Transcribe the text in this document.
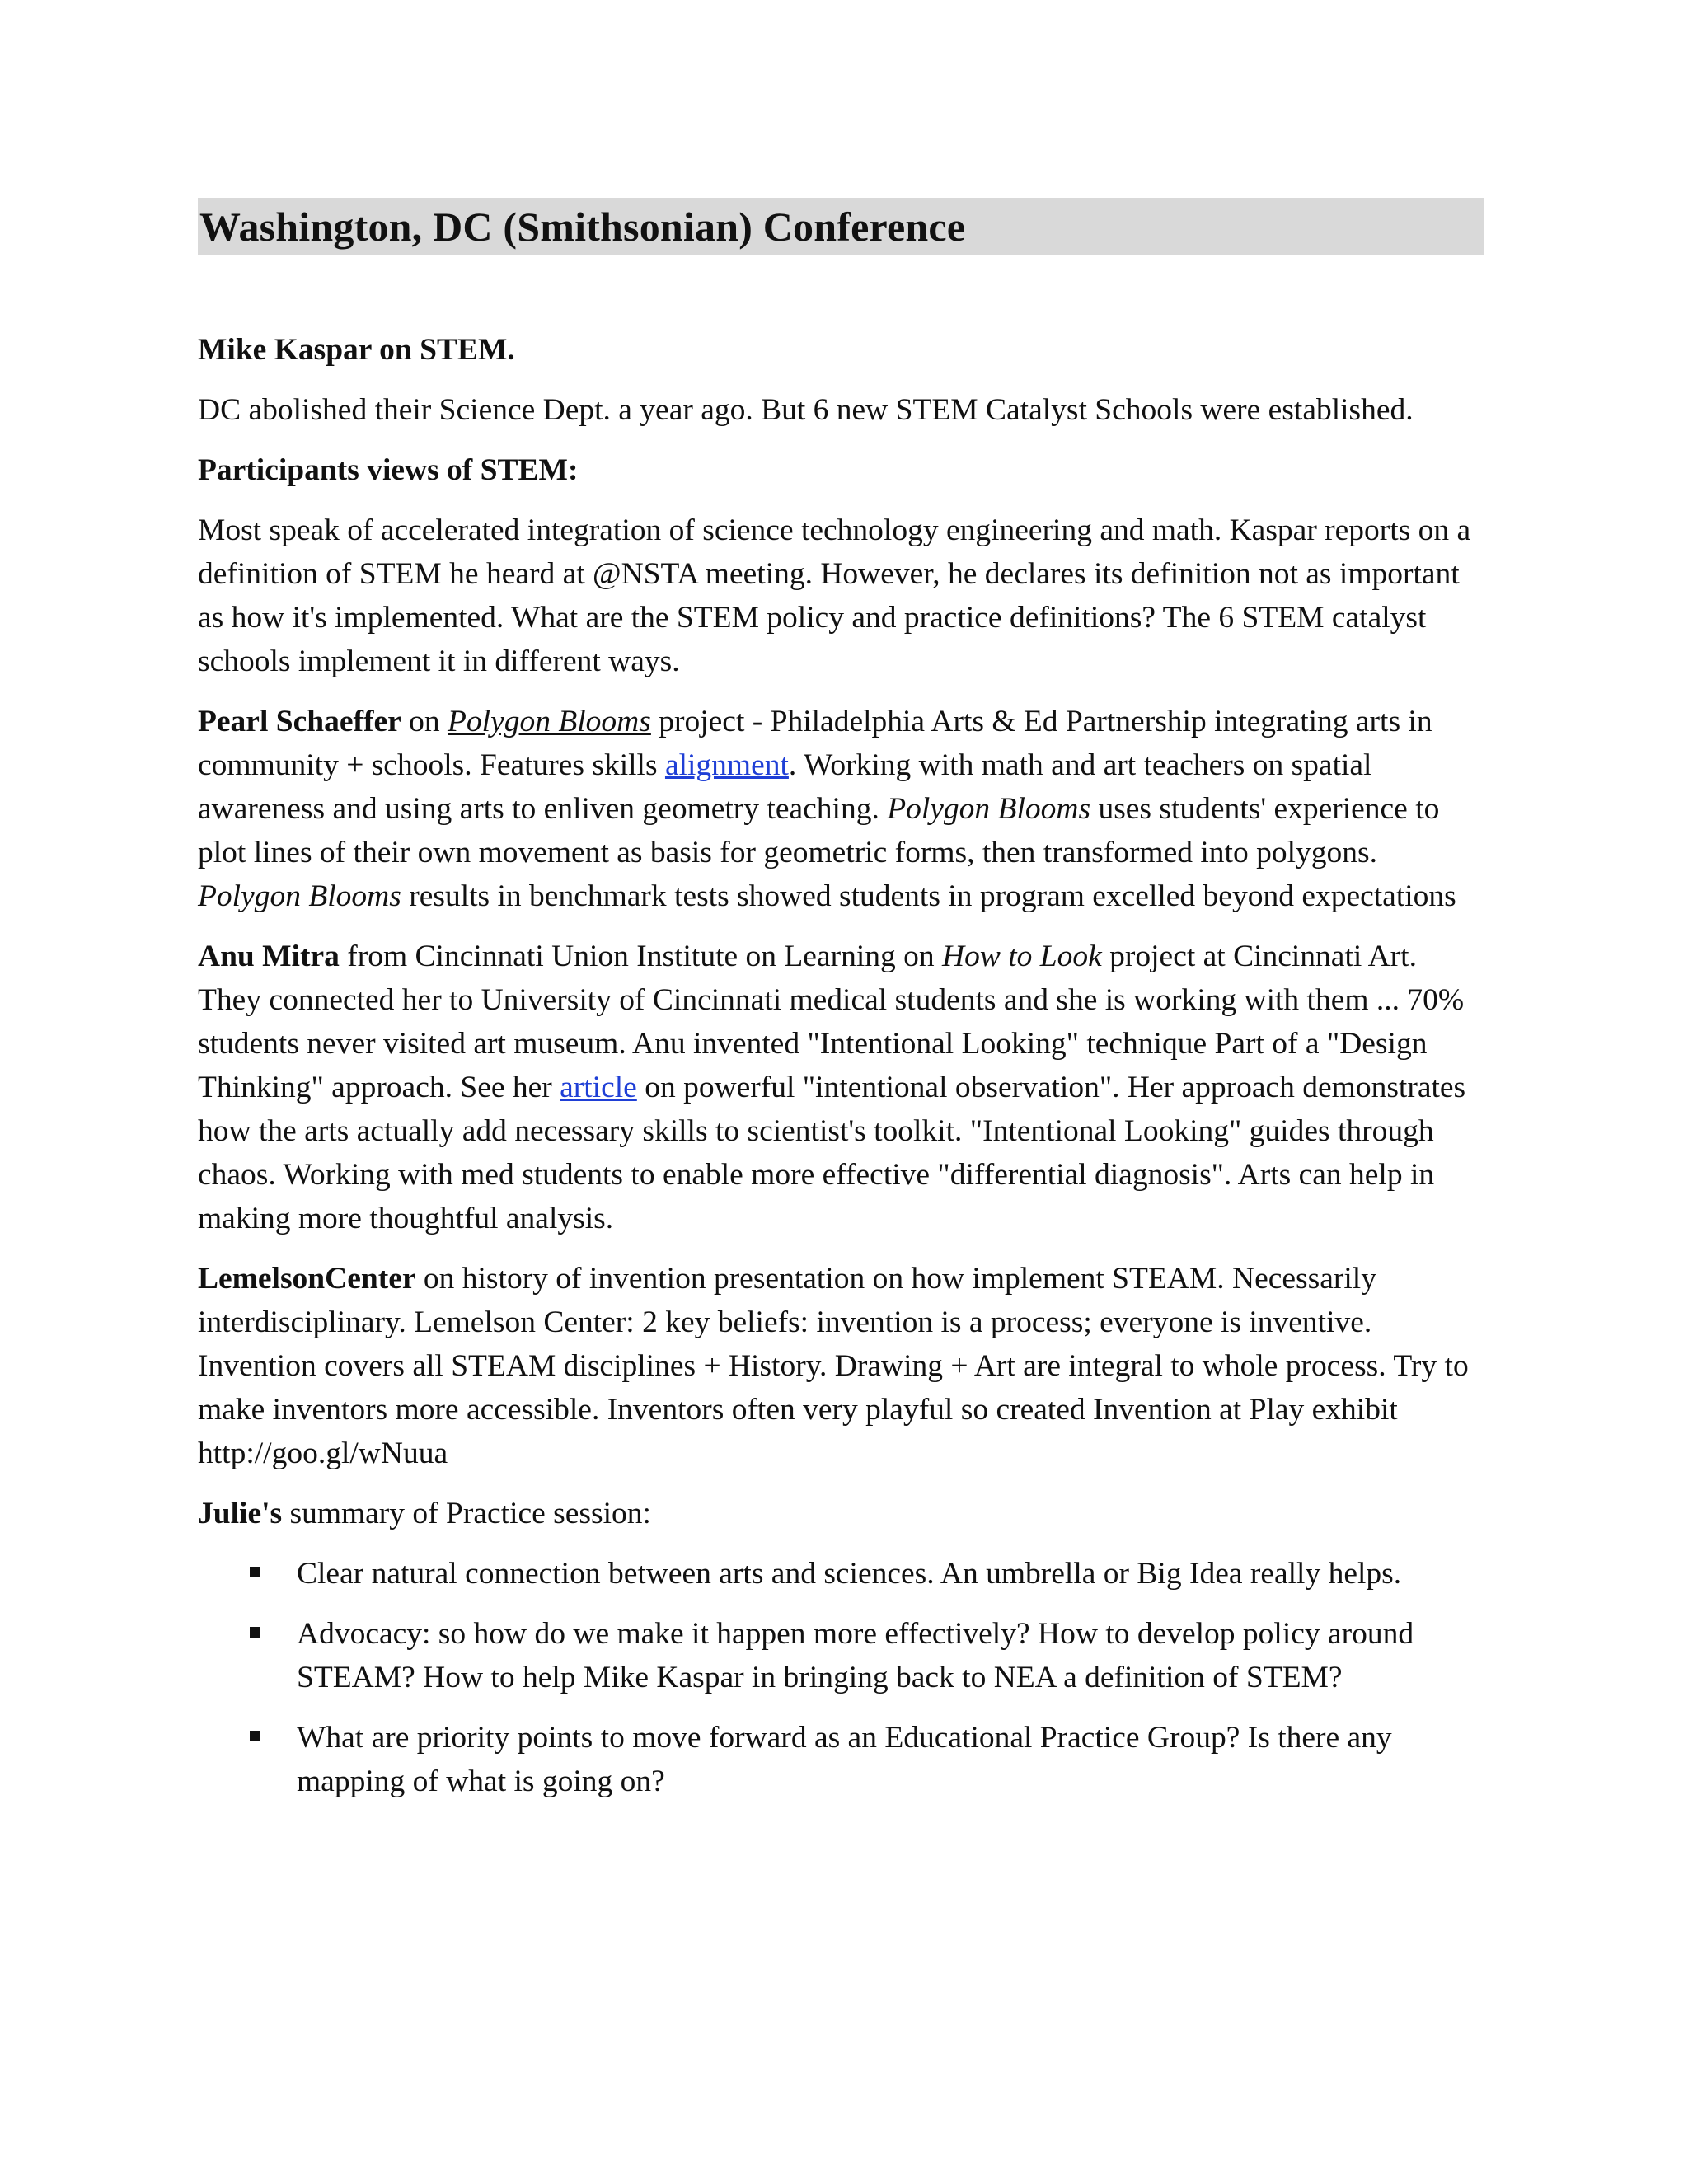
Washington, DC (Smithsonian) Conference

Mike Kaspar on STEM.

DC abolished their Science Dept. a year ago. But 6 new STEM Catalyst Schools were established.

Participants views of STEM:

Most speak of accelerated integration of science technology engineering and math. Kaspar reports on a definition of STEM he heard at @NSTA meeting. However, he declares its definition not as important as how it's implemented. What are the STEM policy and practice definitions? The 6 STEM catalyst schools implement it in different ways.

Pearl Schaeffer on Polygon Blooms project - Philadelphia Arts & Ed Partnership integrating arts in community + schools. Features skills alignment. Working with math and art teachers on spatial awareness and using arts to enliven geometry teaching. Polygon Blooms uses students' experience to plot lines of their own movement as basis for geometric forms, then transformed into polygons. Polygon Blooms results in benchmark tests showed students in program excelled beyond expectations

Anu Mitra from Cincinnati Union Institute on Learning on How to Look project at Cincinnati Art. They connected her to University of Cincinnati medical students and she is working with them ... 70% students never visited art museum. Anu invented "Intentional Looking" technique Part of a "Design Thinking" approach. See her article on powerful "intentional observation". Her approach demonstrates how the arts actually add necessary skills to scientist's toolkit. "Intentional Looking" guides through chaos. Working with med students to enable more effective "differential diagnosis". Arts can help in making more thoughtful analysis.

LemelsonCenter on history of invention presentation on how implement STEAM. Necessarily interdisciplinary. Lemelson Center: 2 key beliefs: invention is a process; everyone is inventive. Invention covers all STEAM disciplines + History. Drawing + Art are integral to whole process. Try to make inventors more accessible. Inventors often very playful so created Invention at Play exhibit http://goo.gl/wNuua

Julie's summary of Practice session:

Clear natural connection between arts and sciences. An umbrella or Big Idea really helps.
Advocacy: so how do we make it happen more effectively? How to develop policy around STEAM? How to help Mike Kaspar in bringing back to NEA a definition of STEM?
What are priority points to move forward as an Educational Practice Group? Is there any mapping of what is going on?
